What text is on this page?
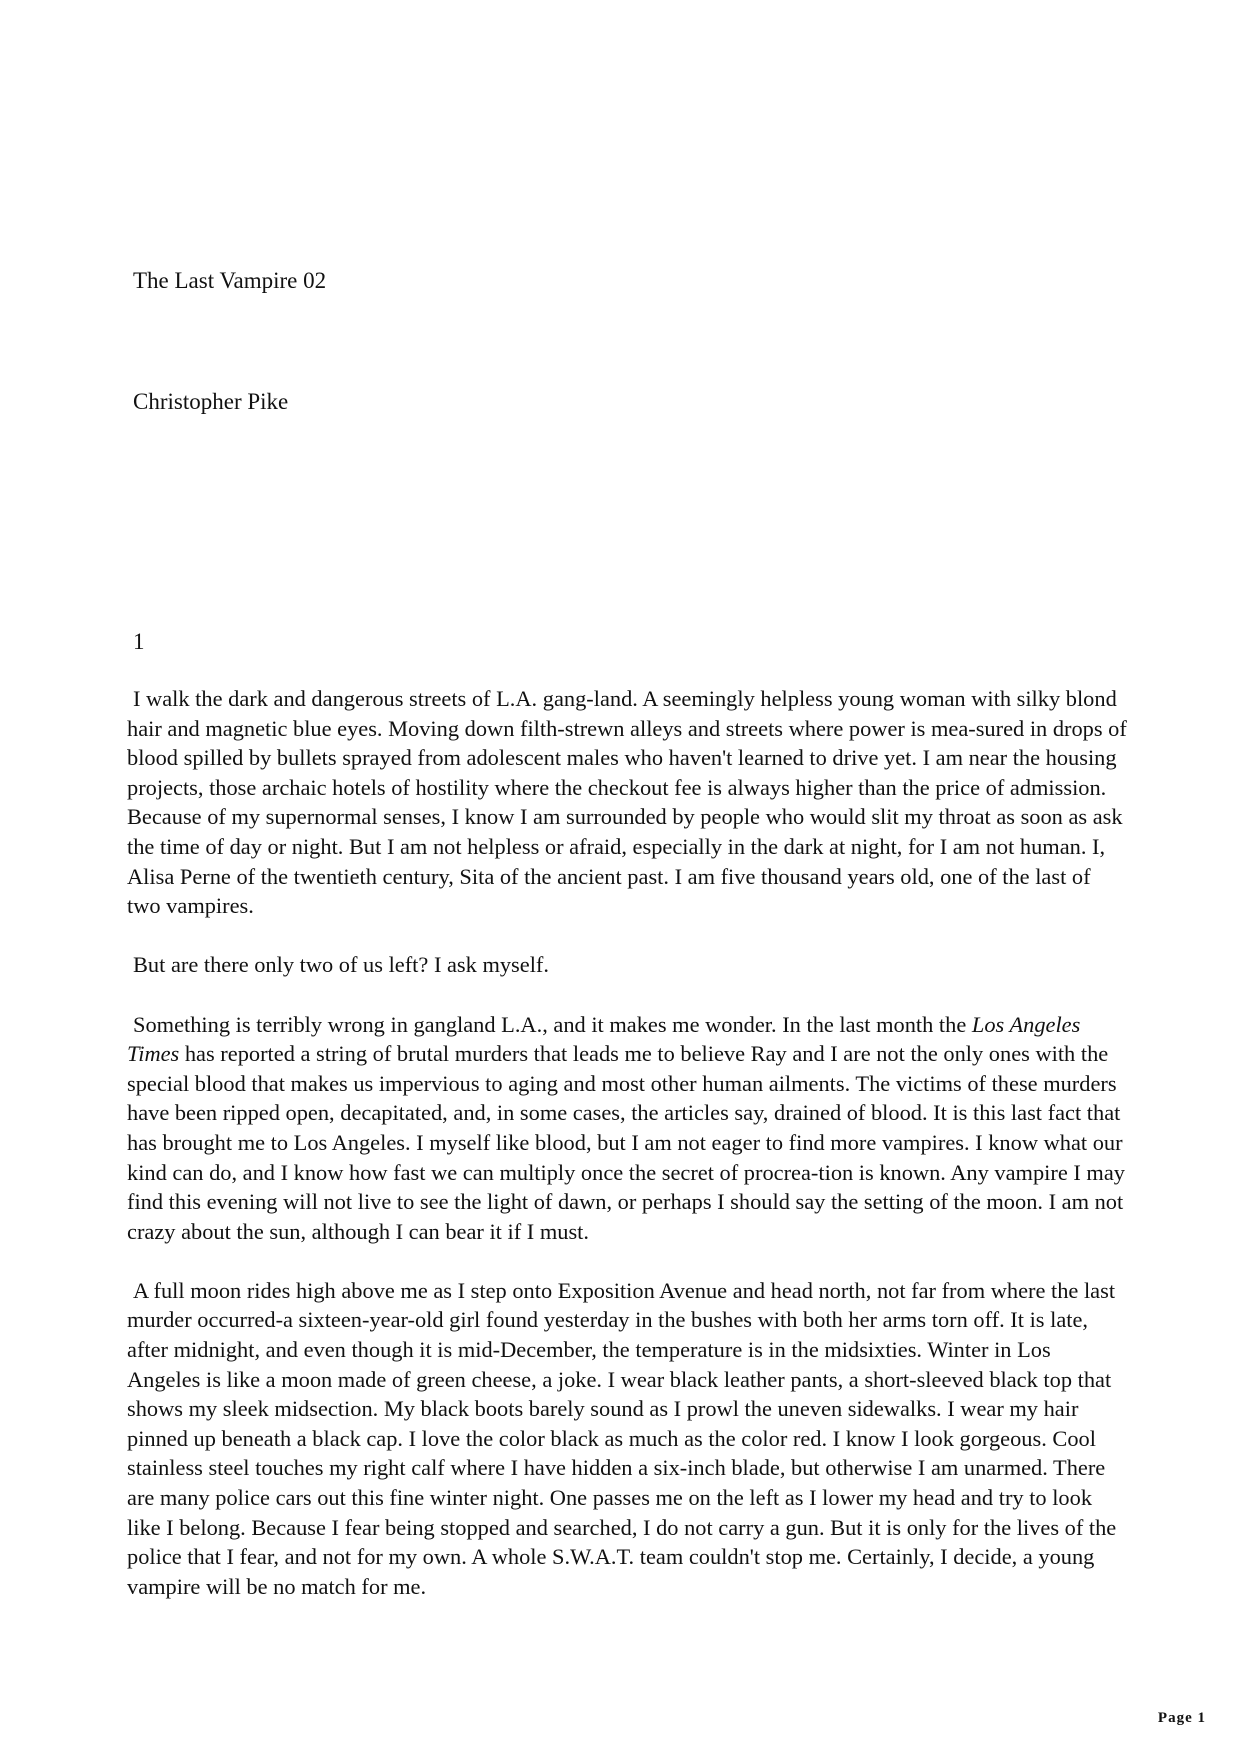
The Last Vampire 02
Christopher Pike
1

I walk the dark and dangerous streets of L.A. gang-land. A seemingly helpless young woman with silky blond hair and magnetic blue eyes. Moving down filth-strewn alleys and streets where power is mea-sured in drops of blood spilled by bullets sprayed from adolescent males who haven't learned to drive yet. I am near the housing projects, those archaic hotels of hostility where the checkout fee is always higher than the price of admission. Because of my supernormal senses, I know I am surrounded by people who would slit my throat as soon as ask the time of day or night. But I am not helpless or afraid, especially in the dark at night, for I am not human. I, Alisa Perne of the twentieth century, Sita of the ancient past. I am five thousand years old, one of the last of two vampires.

But are there only two of us left? I ask myself.

Something is terribly wrong in gangland L.A., and it makes me wonder. In the last month the Los Angeles Times has reported a string of brutal murders that leads me to believe Ray and I are not the only ones with the special blood that makes us impervious to aging and most other human ailments. The victims of these murders have been ripped open, decapitated, and, in some cases, the articles say, drained of blood. It is this last fact that has brought me to Los Angeles. I myself like blood, but I am not eager to find more vampires. I know what our kind can do, and I know how fast we can multiply once the secret of procrea-tion is known. Any vampire I may find this evening will not live to see the light of dawn, or perhaps I should say the setting of the moon. I am not crazy about the sun, although I can bear it if I must.

A full moon rides high above me as I step onto Exposition Avenue and head north, not far from where the last murder occurred-a sixteen-year-old girl found yesterday in the bushes with both her arms torn off. It is late, after midnight, and even though it is mid-December, the temperature is in the midsixties. Winter in Los Angeles is like a moon made of green cheese, a joke. I wear black leather pants, a short-sleeved black top that shows my sleek midsection. My black boots barely sound as I prowl the uneven sidewalks. I wear my hair pinned up beneath a black cap. I love the color black as much as the color red. I know I look gorgeous. Cool stainless steel touches my right calf where I have hidden a six-inch blade, but otherwise I am unarmed. There are many police cars out this fine winter night. One passes me on the left as I lower my head and try to look like I belong. Because I fear being stopped and searched, I do not carry a gun. But it is only for the lives of the police that I fear, and not for my own. A whole S.W.A.T. team couldn't stop me. Certainly, I decide, a young vampire will be no match for me.

Page 1
